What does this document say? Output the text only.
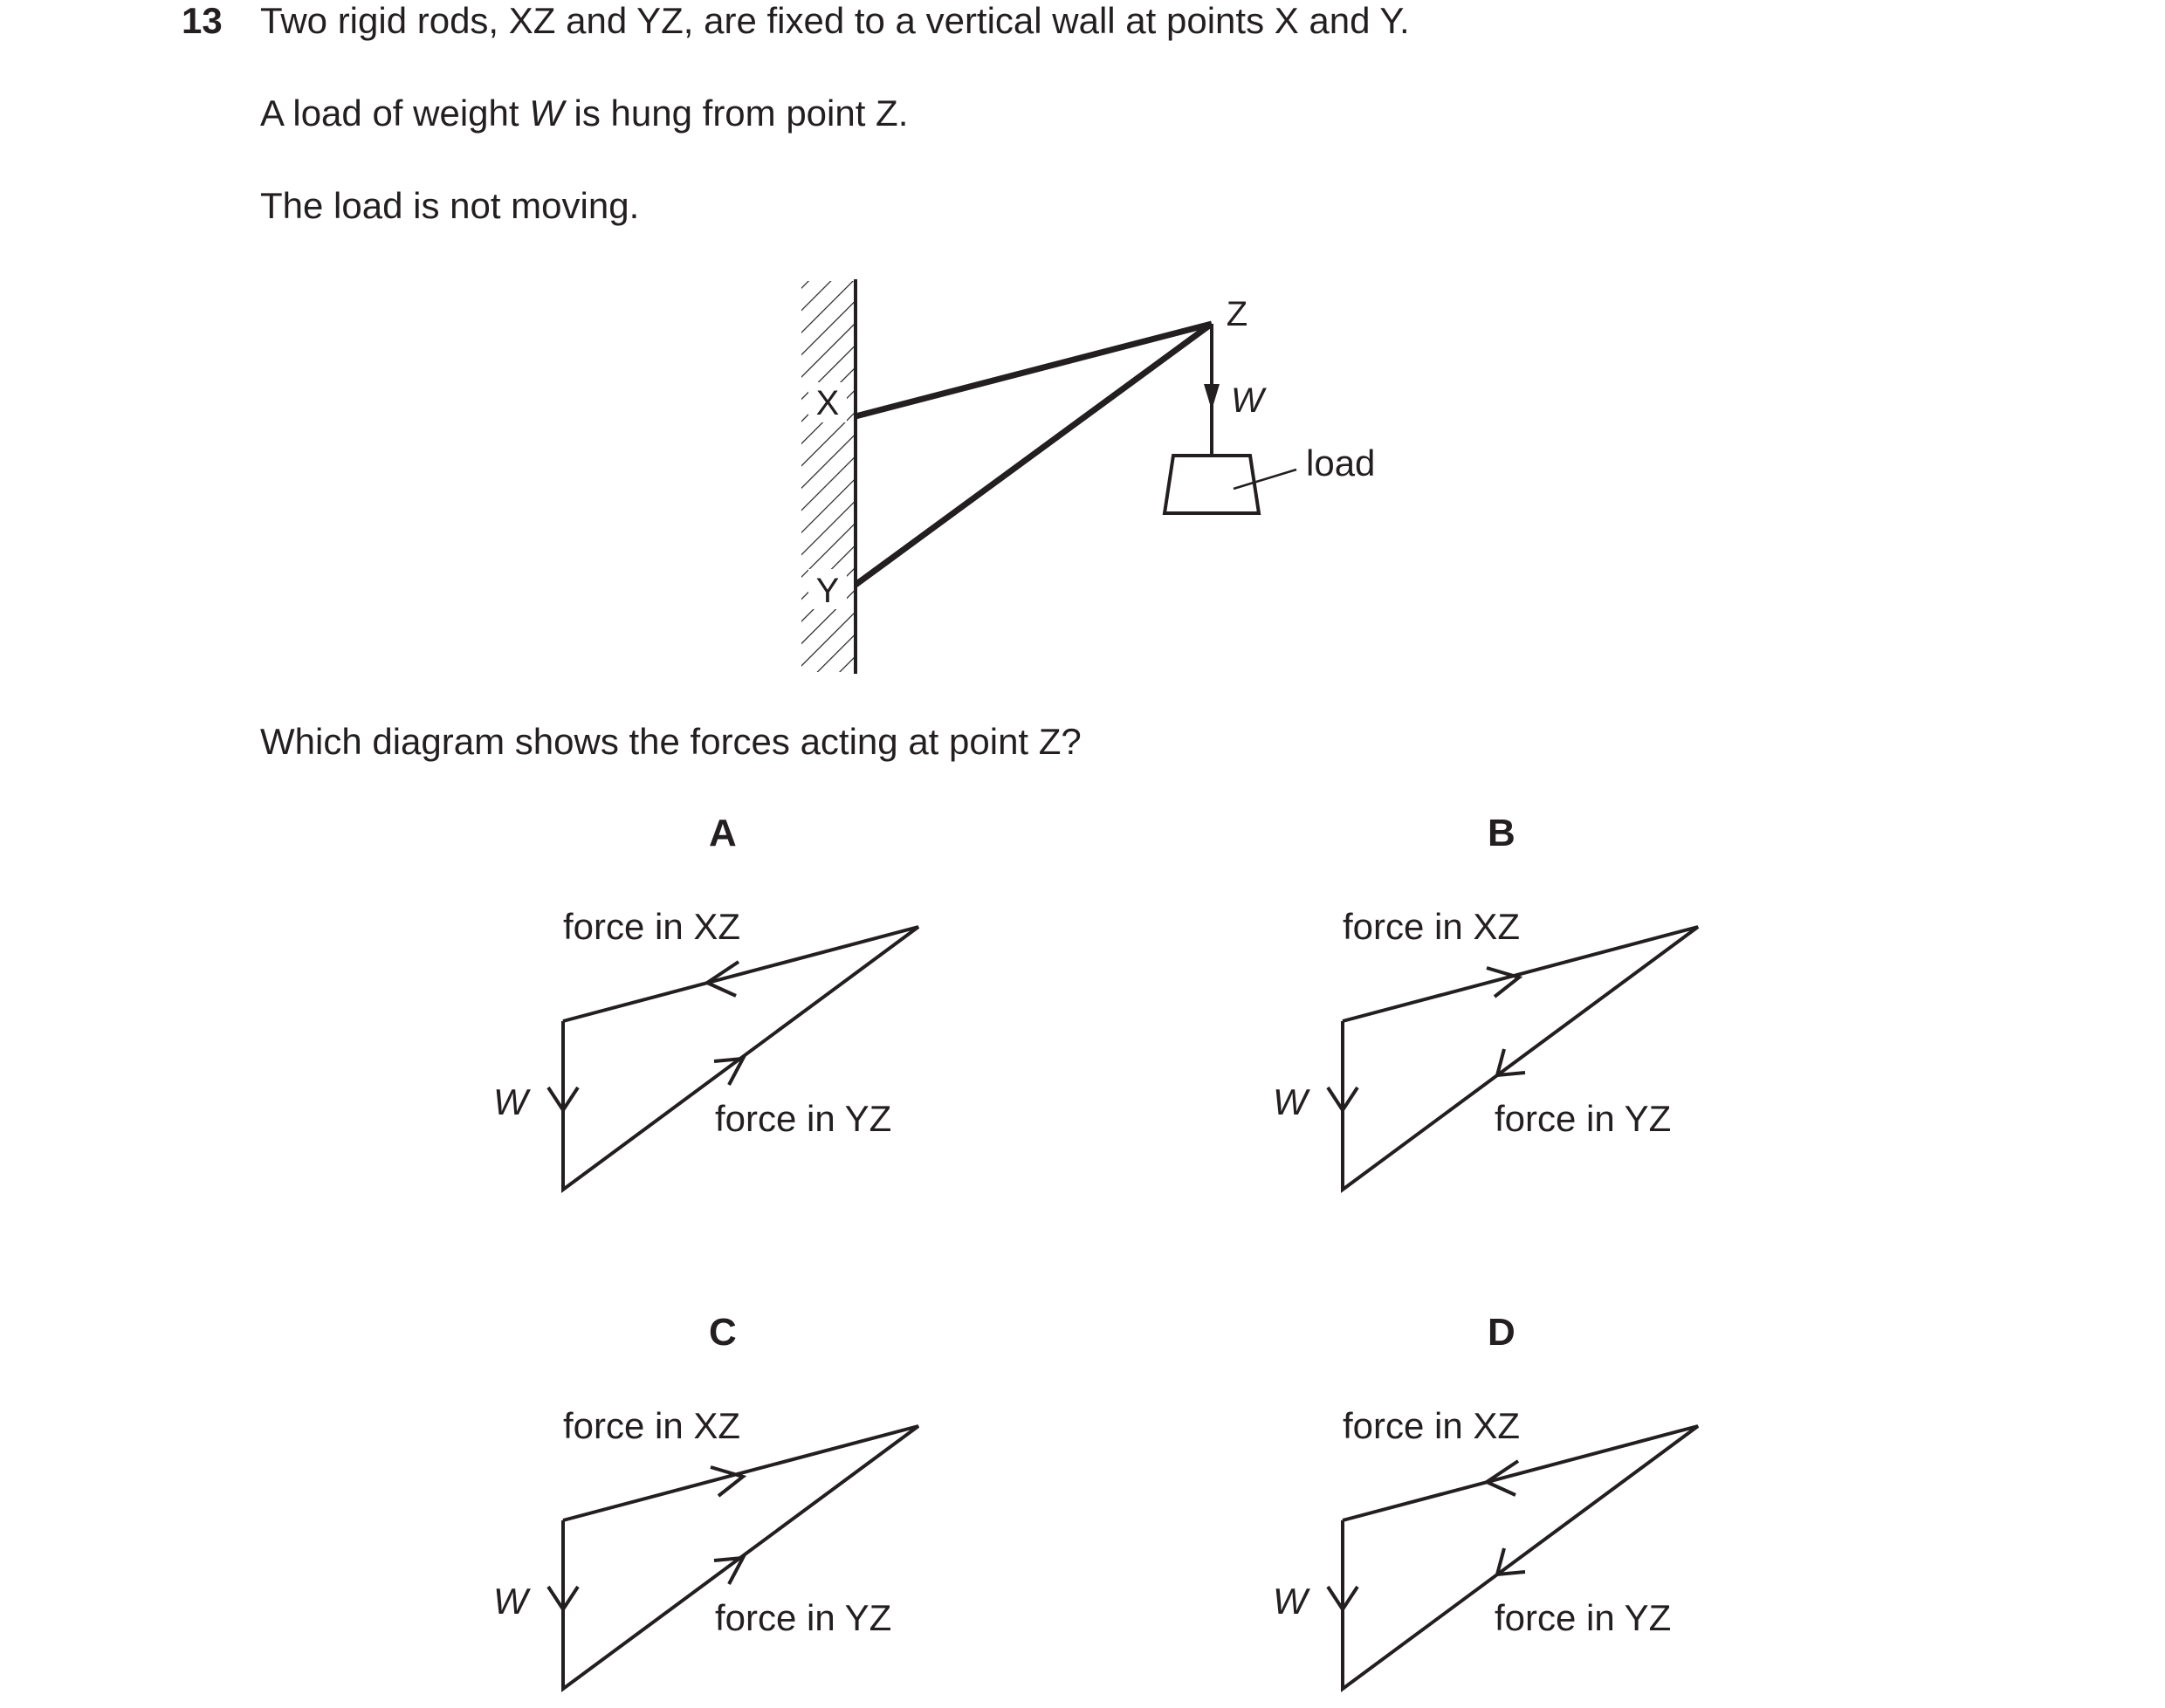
13 Two rigid rods, XZ and YZ, are fixed to a vertical wall at points X and Y.
A load of weight W is hung from point Z.
The load is not moving.
Which diagram shows the forces acting at point Z?
A	B
C	D
X
Y
Z
W
load
force in XZ
force in YZ
W
force in XZ
force in YZ
W
force in XZ
force in YZ
W
force in XZ
force in YZ
W
